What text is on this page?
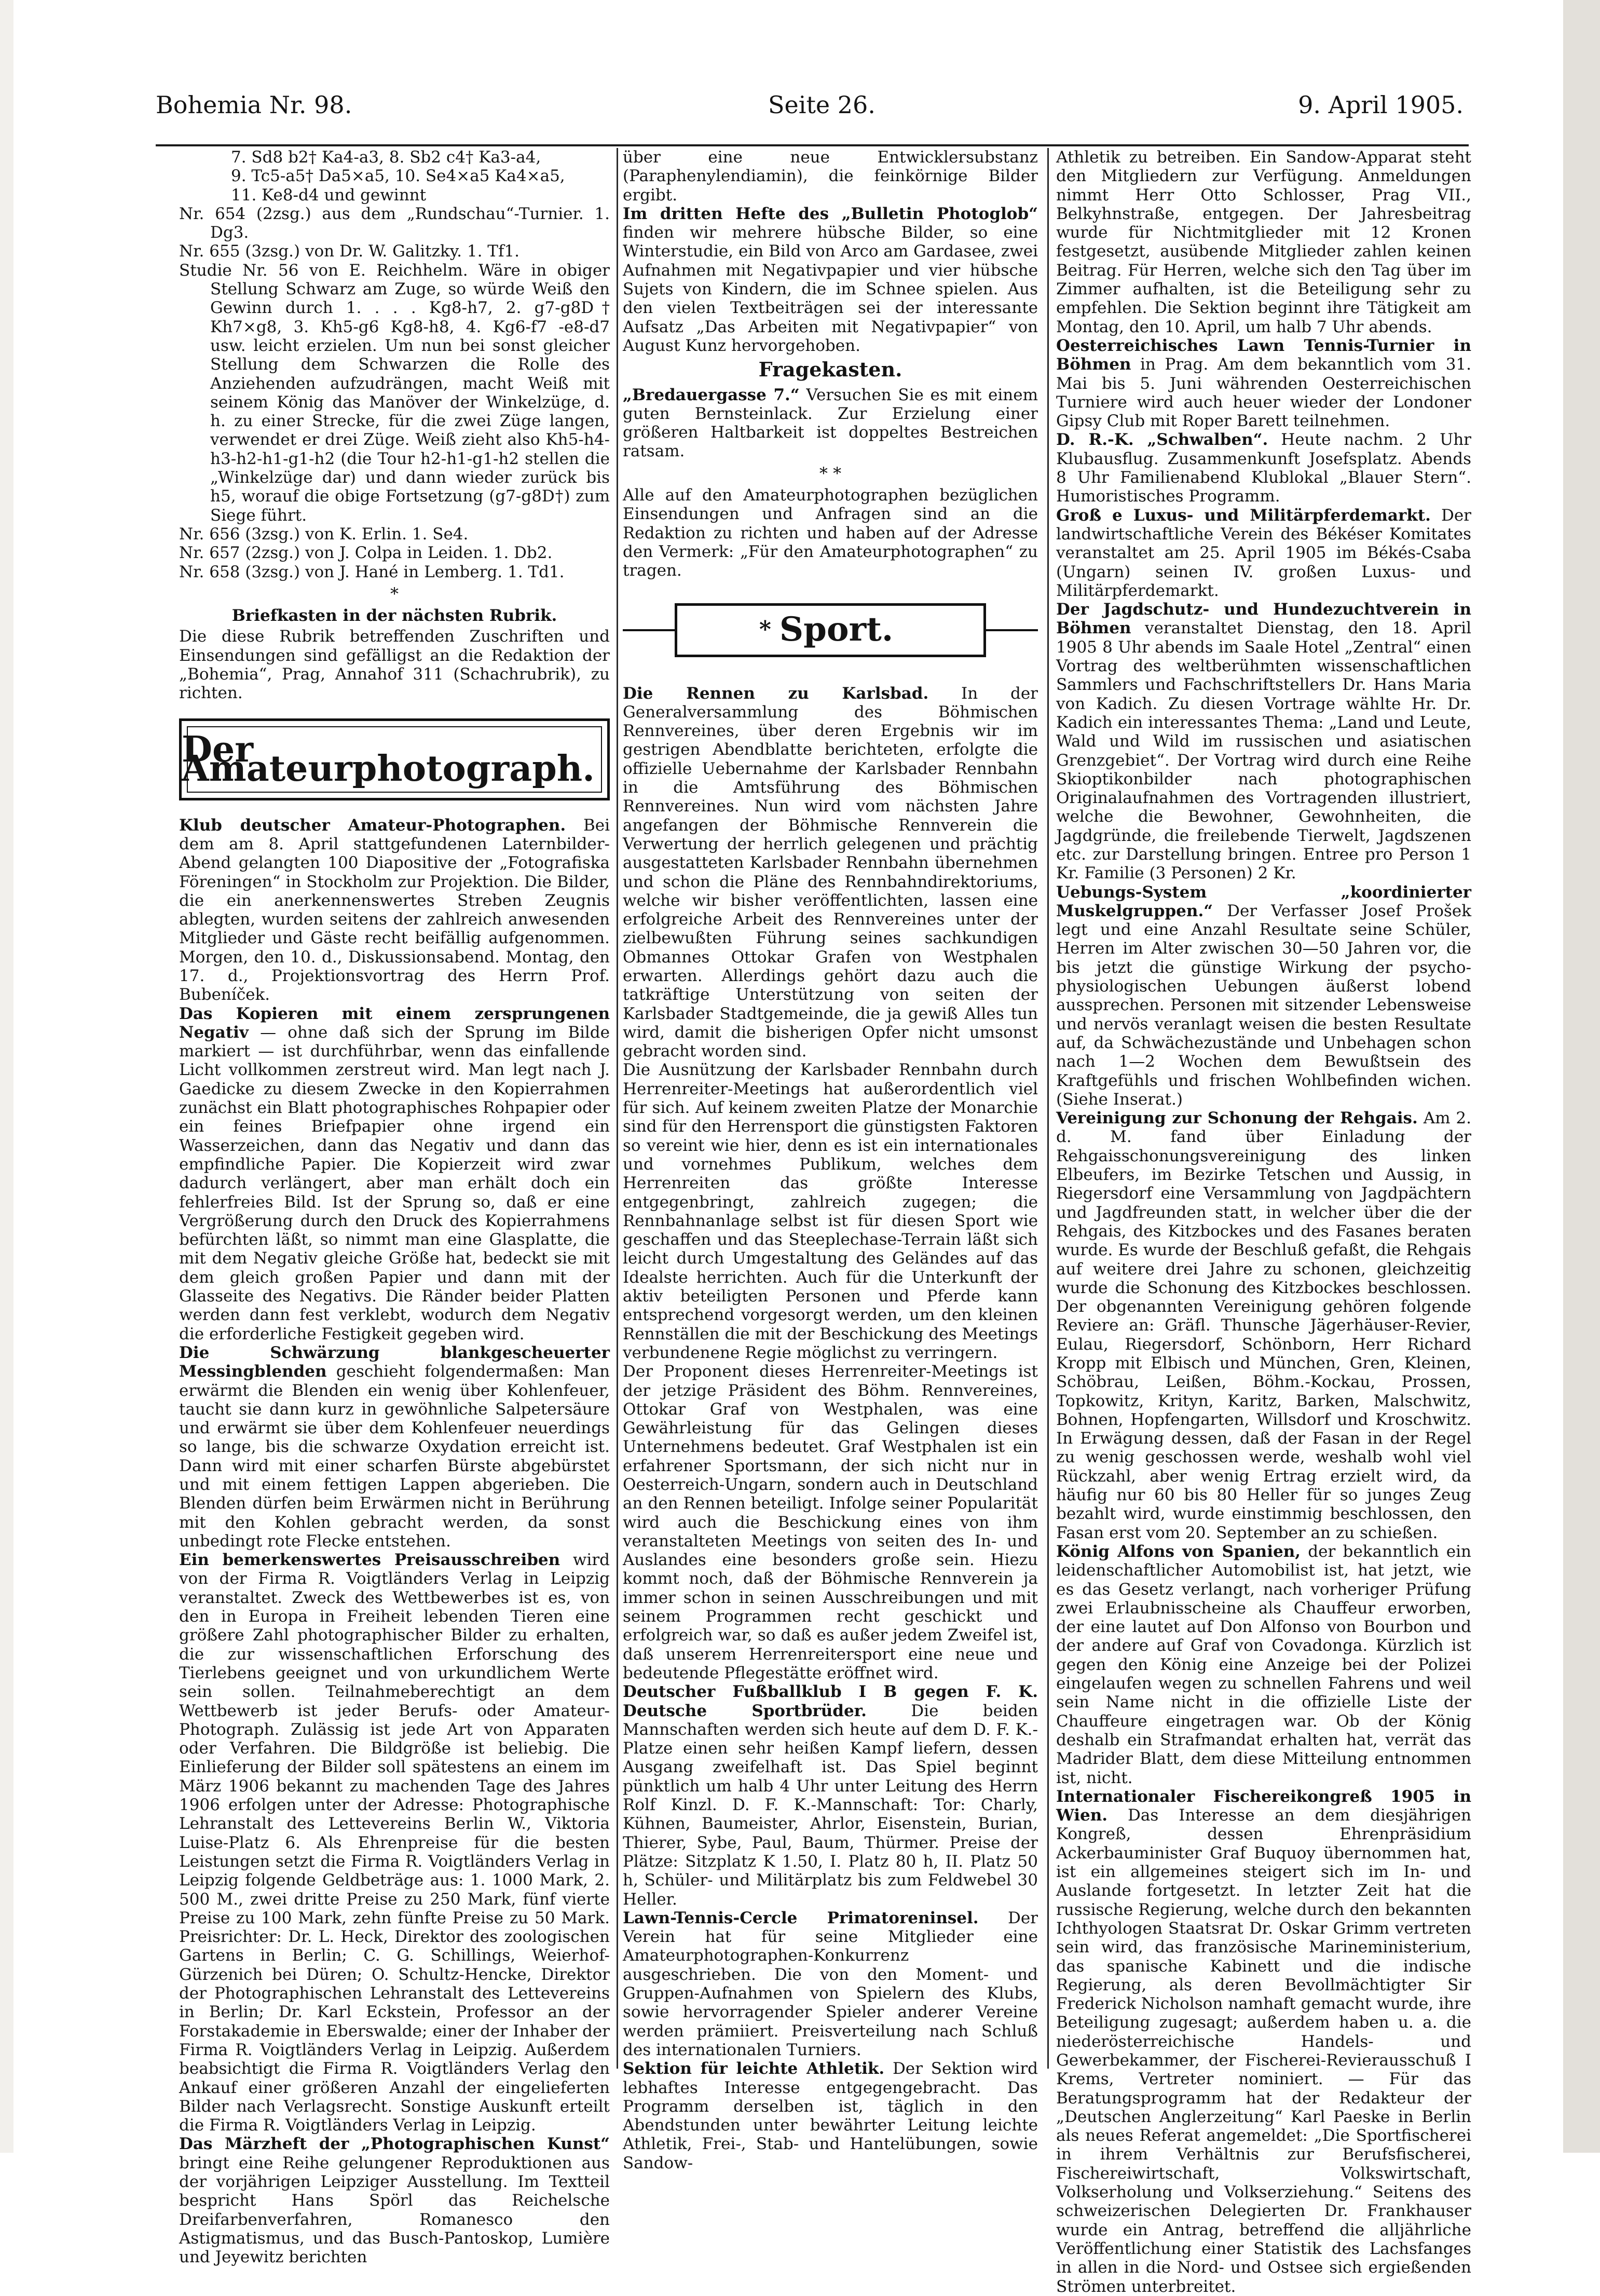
Bohemia Nr. 98.	Seite 26.	9. April 1905.

7. Sd8 b2† Ka4-a3, 8. Sb2 c4† Ka3-a4,

9. Tc5-a5† Da5×a5, 10. Se4×a5 Ka4×a5,

11. Ke8-d4 und gewinnt

Nr. 654 (2zsg.) aus dem „Rundschau“-Turnier. 1. Dg3.

Nr. 655 (3zsg.) von Dr. W. Galitzky. 1. Tf1.

Studie Nr. 56 von E. Reichhelm. Wäre in obiger Stellung Schwarz am Zuge, so würde Weiß den Gewinn durch 1. . . . Kg8-h7, 2. g7-g8D† Kh7×g8, 3. Kh5-g6 Kg8-h8, 4. Kg6-f7 -e8-d7 usw. leicht erzielen. Um nun bei sonst gleicher Stellung dem Schwarzen die Rolle des Anziehenden aufzudrängen, macht Weiß mit seinem König das Manöver der Winkelzüge, d. h. zu einer Strecke, für die zwei Züge langen, verwendet er drei Züge. Weiß zieht also Kh5-h4-h3-h2-h1-g1-h2 (die Tour h2-h1-g1-h2 stellen die „Winkelzüge dar) und dann wieder zurück bis h5, worauf die obige Fortsetzung (g7-g8D†) zum Siege führt.

Nr. 656 (3zsg.) von K. Erlin. 1. Se4.

Nr. 657 (2zsg.) von J. Colpa in Leiden. 1. Db2.

Nr. 658 (3zsg.) von J. Hané in Lemberg. 1. Td1.

*

Briefkasten in der nächsten Rubrik.

Die diese Rubrik betreffenden Zuschriften und Einsendungen sind gefälligst an die Redaktion der „Bohemia“, Prag, Annahof 311 (Schachrubrik), zu richten.

Der Amateurphotograph.

Klub deutscher Amateur-Photographen. Bei dem am 8. April stattgefundenen Laternbilder-Abend gelangten 100 Diapositive der „Fotografiska Föreningen“ in Stockholm zur Projektion. Die Bilder, die ein anerkennenswertes Streben Zeugnis ablegten, wurden seitens der zahlreich anwesenden Mitglieder und Gäste recht beifällig aufgenommen. Morgen, den 10. d., Diskussionsabend. Montag, den 17. d., Projektionsvortrag des Herrn Prof. Bubeníček.

Das Kopieren mit einem zersprungenen Negativ — ohne daß sich der Sprung im Bilde markiert — ist durchführbar, wenn das einfallende Licht vollkommen zerstreut wird. Man legt nach J. Gaedicke zu diesem Zwecke in den Kopierrahmen zunächst ein Blatt photographisches Rohpapier oder ein feines Briefpapier ohne irgend ein Wasserzeichen, dann das Negativ und dann das empfindliche Papier. Die Kopierzeit wird zwar dadurch verlängert, aber man erhält doch ein fehlerfreies Bild. Ist der Sprung so, daß er eine Vergrößerung durch den Druck des Kopierrahmens befürchten läßt, so nimmt man eine Glasplatte, die mit dem Negativ gleiche Größe hat, bedeckt sie mit dem gleich großen Papier und dann mit der Glasseite des Negativs. Die Ränder beider Platten werden dann fest verklebt, wodurch dem Negativ die erforderliche Festigkeit gegeben wird.

Die Schwärzung blankgescheuerter Messingblenden geschieht folgendermaßen: Man erwärmt die Blenden ein wenig über Kohlenfeuer, taucht sie dann kurz in gewöhnliche Salpetersäure und erwärmt sie über dem Kohlenfeuer neuerdings so lange, bis die schwarze Oxydation erreicht ist. Dann wird mit einer scharfen Bürste abgebürstet und mit einem fettigen Lappen abgerieben. Die Blenden dürfen beim Erwärmen nicht in Berührung mit den Kohlen gebracht werden, da sonst unbedingt rote Flecke entstehen.

Ein bemerkenswertes Preisausschreiben wird von der Firma R. Voigtländers Verlag in Leipzig veranstaltet. Zweck des Wettbewerbes ist es, von den in Europa in Freiheit lebenden Tieren eine größere Zahl photographischer Bilder zu erhalten, die zur wissenschaftlichen Erforschung des Tierlebens geeignet und von urkundlichem Werte sein sollen. Teilnahmeberechtigt an dem Wettbewerb ist jeder Berufs- oder Amateur-Photograph. Zulässig ist jede Art von Apparaten oder Verfahren. Die Bildgröße ist beliebig. Die Einlieferung der Bilder soll spätestens an einem im März 1906 bekannt zu machenden Tage des Jahres 1906 erfolgen unter der Adresse: Photographische Lehranstalt des Lettevereins Berlin W., Viktoria Luise-Platz 6. Als Ehrenpreise für die besten Leistungen setzt die Firma R. Voigtländers Verlag in Leipzig folgende Geldbeträge aus: 1. 1000 Mark, 2. 500 M., zwei dritte Preise zu 250 Mark, fünf vierte Preise zu 100 Mark, zehn fünfte Preise zu 50 Mark. Preisrichter: Dr. L. Heck, Direktor des zoologischen Gartens in Berlin; C. G. Schillings, Weierhof-Gürzenich bei Düren; O. Schultz-Hencke, Direktor der Photographischen Lehranstalt des Lettevereins in Berlin; Dr. Karl Eckstein, Professor an der Forstakademie in Eberswalde; einer der Inhaber der Firma R. Voigtländers Verlag in Leipzig. Außerdem beabsichtigt die Firma R. Voigtländers Verlag den Ankauf einer größeren Anzahl der eingelieferten Bilder nach Verlagsrecht. Sonstige Auskunft erteilt die Firma R. Voigtländers Verlag in Leipzig.

Das Märzheft der „Photographischen Kunst“ bringt eine Reihe gelungener Reproduktionen aus der vorjährigen Leipziger Ausstellung. Im Textteil bespricht Hans Spörl das Reichelsche Dreifarbenverfahren, Romanesco den Astigmatismus, und das Busch-Pantoskop, Lumière und Jeyewitz berichten

über eine neue Entwicklersubstanz (Paraphenylendiamin), die feinkörnige Bilder ergibt.

Im dritten Hefte des „Bulletin Photoglob“ finden wir mehrere hübsche Bilder, so eine Winterstudie, ein Bild von Arco am Gardasee, zwei Aufnahmen mit Negativpapier und vier hübsche Sujets von Kindern, die im Schnee spielen. Aus den vielen Textbeiträgen sei der interessante Aufsatz „Das Arbeiten mit Negativpapier“ von August Kunz hervorgehoben.

Fragekasten.

„Bredauergasse 7.“ Versuchen Sie es mit einem guten Bernsteinlack. Zur Erzielung einer größeren Haltbarkeit ist doppeltes Bestreichen ratsam.

* *

Alle auf den Amateurphotographen bezüglichen Einsendungen und Anfragen sind an die Redaktion zu richten und haben auf der Adresse den Vermerk: „Für den Amateurphotographen“ zu tragen.

* Sport.

Die Rennen zu Karlsbad. In der Generalversammlung des Böhmischen Rennvereines, über deren Ergebnis wir im gestrigen Abendblatte berichteten, erfolgte die offizielle Uebernahme der Karlsbader Rennbahn in die Amtsführung des Böhmischen Rennvereines. Nun wird vom nächsten Jahre angefangen der Böhmische Rennverein die Verwertung der herrlich gelegenen und prächtig ausgestatteten Karlsbader Rennbahn übernehmen und schon die Pläne des Rennbahndirektoriums, welche wir bisher veröffentlichten, lassen eine erfolgreiche Arbeit des Rennvereines unter der zielbewußten Führung seines sachkundigen Obmannes Ottokar Grafen von Westphalen erwarten. Allerdings gehört dazu auch die tatkräftige Unterstützung von seiten der Karlsbader Stadtgemeinde, die ja gewiß Alles tun wird, damit die bisherigen Opfer nicht umsonst gebracht worden sind.

Die Ausnützung der Karlsbader Rennbahn durch Herrenreiter-Meetings hat außerordentlich viel für sich. Auf keinem zweiten Platze der Monarchie sind für den Herrensport die günstigsten Faktoren so vereint wie hier, denn es ist ein internationales und vornehmes Publikum, welches dem Herrenreiten das größte Interesse entgegenbringt, zahlreich zugegen; die Rennbahnanlage selbst ist für diesen Sport wie geschaffen und das Steeplechase-Terrain läßt sich leicht durch Umgestaltung des Geländes auf das Idealste herrichten. Auch für die Unterkunft der aktiv beteiligten Personen und Pferde kann entsprechend vorgesorgt werden, um den kleinen Rennställen die mit der Beschickung des Meetings verbundenene Regie möglichst zu verringern.

Der Proponent dieses Herrenreiter-Meetings ist der jetzige Präsident des Böhm. Rennvereines, Ottokar Graf von Westphalen, was eine Gewährleistung für das Gelingen dieses Unternehmens bedeutet. Graf Westphalen ist ein erfahrener Sportsmann, der sich nicht nur in Oesterreich-Ungarn, sondern auch in Deutschland an den Rennen beteiligt. Infolge seiner Popularität wird auch die Beschickung eines von ihm veranstalteten Meetings von seiten des In- und Auslandes eine besonders große sein. Hiezu kommt noch, daß der Böhmische Rennverein ja immer schon in seinen Ausschreibungen und mit seinem Programmen recht geschickt und erfolgreich war, so daß es außer jedem Zweifel ist, daß unserem Herrenreitersport eine neue und bedeutende Pflegestätte eröffnet wird.

Deutscher Fußballklub I B gegen F. K. Deutsche Sportbrüder.	Die beiden Mannschaften werden sich heute auf dem D. F. K.-Platze einen sehr heißen Kampf liefern, dessen Ausgang zweifelhaft ist. Das Spiel beginnt pünktlich um halb 4 Uhr unter Leitung des Herrn Rolf Kinzl. D. F. K.-Mannschaft: Tor: Charly, Kühnen, Baumeister, Ahrlor, Eisenstein, Burian, Thierer, Sybe, Paul, Baum, Thürmer. Preise der Plätze: Sitzplatz K 1.50, I. Platz 80 h, II. Platz 50 h, Schüler- und Militärplatz bis zum Feldwebel 30 Heller.

Lawn-Tennis-Cercle Primatoreninsel. Der Verein hat für seine Mitglieder eine Amateurphotographen-Konkurrenz ausgeschrieben. Die von den Moment- und Gruppen-Aufnahmen von Spielern des Klubs, sowie hervorragender Spieler anderer Vereine werden prämiiert. Preisverteilung nach Schluß des internationalen Turniers.

Sektion für leichte Athletik. Der Sektion wird lebhaftes Interesse entgegengebracht. Das Programm derselben ist, täglich in den Abendstunden unter bewährter Leitung leichte Athletik, Frei-, Stab- und Hantelübungen, sowie Sandow-

Athletik zu betreiben. Ein Sandow-Apparat steht den Mitgliedern zur Verfügung. Anmeldungen nimmt Herr Otto Schlosser, Prag VII., Belkyhnstraße, entgegen. Der Jahresbeitrag wurde für Nichtmitglieder mit 12 Kronen festgesetzt, ausübende Mitglieder zahlen keinen Beitrag. Für Herren, welche sich den Tag über im Zimmer aufhalten, ist die Beteiligung sehr zu empfehlen. Die Sektion beginnt ihre Tätigkeit am Montag, den 10. April, um halb 7 Uhr abends.

Oesterreichisches Lawn Tennis-Turnier in Böhmen in Prag. Am dem bekanntlich vom 31. Mai bis 5. Juni währenden Oesterreichischen Turniere wird auch heuer wieder der Londoner Gipsy Club mit Roper Barett teilnehmen.

D. R.-K. „Schwalben“. Heute nachm. 2 Uhr Klubausflug. Zusammenkunft Josefsplatz. Abends 8 Uhr Familienabend Klublokal „Blauer Stern“. Humoristisches Programm.

Groß e Luxus- und Militärpferdemarkt. Der landwirtschaftliche Verein des Békéser Komitates veranstaltet am 25. April 1905 im Békés-Csaba (Ungarn) seinen IV. großen Luxus- und Militärpferdemarkt.

Der Jagdschutz- und Hundezuchtverein in Böhmen veranstaltet Dienstag, den 18. April 1905 8 Uhr abends im Saale Hotel „Zentral“ einen Vortrag des weltberühmten wissenschaftlichen Sammlers und Fachschriftstellers Dr. Hans Maria von Kadich. Zu diesen Vortrage wählte Hr. Dr. Kadich ein interessantes Thema: „Land und Leute, Wald und Wild im russischen und asiatischen Grenzgebiet“. Der Vortrag wird durch eine Reihe Skioptikonbilder nach photographischen Originalaufnahmen des Vortragenden illustriert, welche die Bewohner, Gewohnheiten, die Jagdgründe, die freilebende Tierwelt, Jagdszenen etc. zur Darstellung bringen. Entree pro Person 1 Kr. Familie (3 Personen) 2 Kr.

Uebungs-System „koordinierter Muskelgruppen.“ Der Verfasser Josef Prošek legt und eine Anzahl Resultate seine Schüler, Herren im Alter zwischen 30—50 Jahren vor, die bis jetzt die günstige Wirkung der psycho-physiologischen Uebungen äußerst lobend aussprechen. Personen mit sitzender Lebensweise und nervös veranlagt weisen die besten Resultate auf, da Schwächezustände und Unbehagen schon nach 1—2 Wochen dem Bewußtsein des Kraftgefühls und frischen Wohlbefinden wichen. (Siehe Inserat.)

Vereinigung zur Schonung der Rehgais. Am 2. d. M. fand über Einladung der Rehgaisschonungsvereinigung des linken Elbeufers, im Bezirke Tetschen und Aussig, in Riegersdorf eine Versammlung von Jagdpächtern und Jagdfreunden statt, in welcher über die der Rehgais, des Kitzbockes und des Fasanes beraten wurde. Es wurde der Beschluß gefaßt, die Rehgais auf weitere drei Jahre zu schonen, gleichzeitig wurde die Schonung des Kitzbockes beschlossen. Der obgenannten Vereinigung gehören folgende Reviere an: Gräfl. Thunsche Jägerhäuser-Revier, Eulau, Riegersdorf, Schönborn, Herr Richard Kropp mit Elbisch und München, Gren, Kleinen, Schöbrau, Leißen, Böhm.-Kockau, Prossen, Topkowitz, Krityn, Karitz, Barken, Malschwitz, Bohnen, Hopfengarten, Willsdorf und Kroschwitz. In Erwägung dessen, daß der Fasan in der Regel zu wenig geschossen werde, weshalb wohl viel Rückzahl, aber wenig Ertrag erzielt wird, da häufig nur 60 bis 80 Heller für so junges Zeug bezahlt wird, wurde einstimmig beschlossen, den Fasan erst vom 20. September an zu schießen.

König Alfons von Spanien, der bekanntlich ein leidenschaftlicher Automobilist ist, hat jetzt, wie es das Gesetz verlangt, nach vorheriger Prüfung zwei Erlaubnisscheine als Chauffeur erworben, der eine lautet auf Don Alfonso von Bourbon und der andere auf Graf von Covadonga. Kürzlich ist gegen den König eine Anzeige bei der Polizei eingelaufen wegen zu schnellen Fahrens und weil sein Name nicht in die offizielle Liste der Chauffeure eingetragen war. Ob der König deshalb ein Strafmandat erhalten hat, verrät das Madrider Blatt, dem diese Mitteilung entnommen ist, nicht.

Internationaler Fischereikongreß 1905 in Wien. Das Interesse an dem diesjährigen Kongreß, dessen Ehrenpräsidium Ackerbauminister Graf Buquoy übernommen hat, ist ein allgemeines steigert sich im In- und Auslande fortgesetzt. In letzter Zeit hat die russische Regierung, welche durch den bekannten Ichthyologen Staatsrat Dr. Oskar Grimm vertreten sein wird, das französische Marineministerium, das spanische Kabinett und die indische Regierung, als deren Bevollmächtigter Sir Frederick Nicholson namhaft gemacht wurde, ihre Beteiligung zugesagt; außerdem haben u. a. die niederösterreichische Handels- und Gewerbekammer, der Fischerei-Revierausschuß I Krems, Vertreter nominiert. — Für das Beratungsprogramm hat der Redakteur der „Deutschen Anglerzeitung“ Karl Paeske in Berlin als neues Referat angemeldet: „Die Sportfischerei in ihrem Verhältnis zur Berufsfischerei, Fischereiwirtschaft, Volkswirtschaft, Volkserholung und Volkserziehung.“ Seitens des schweizerischen Delegierten Dr. Frankhauser wurde ein Antrag, betreffend die alljährliche Veröffentlichung einer Statistik des Lachsfanges in allen in die Nord- und Ostsee sich ergießenden Strömen unterbreitet.
